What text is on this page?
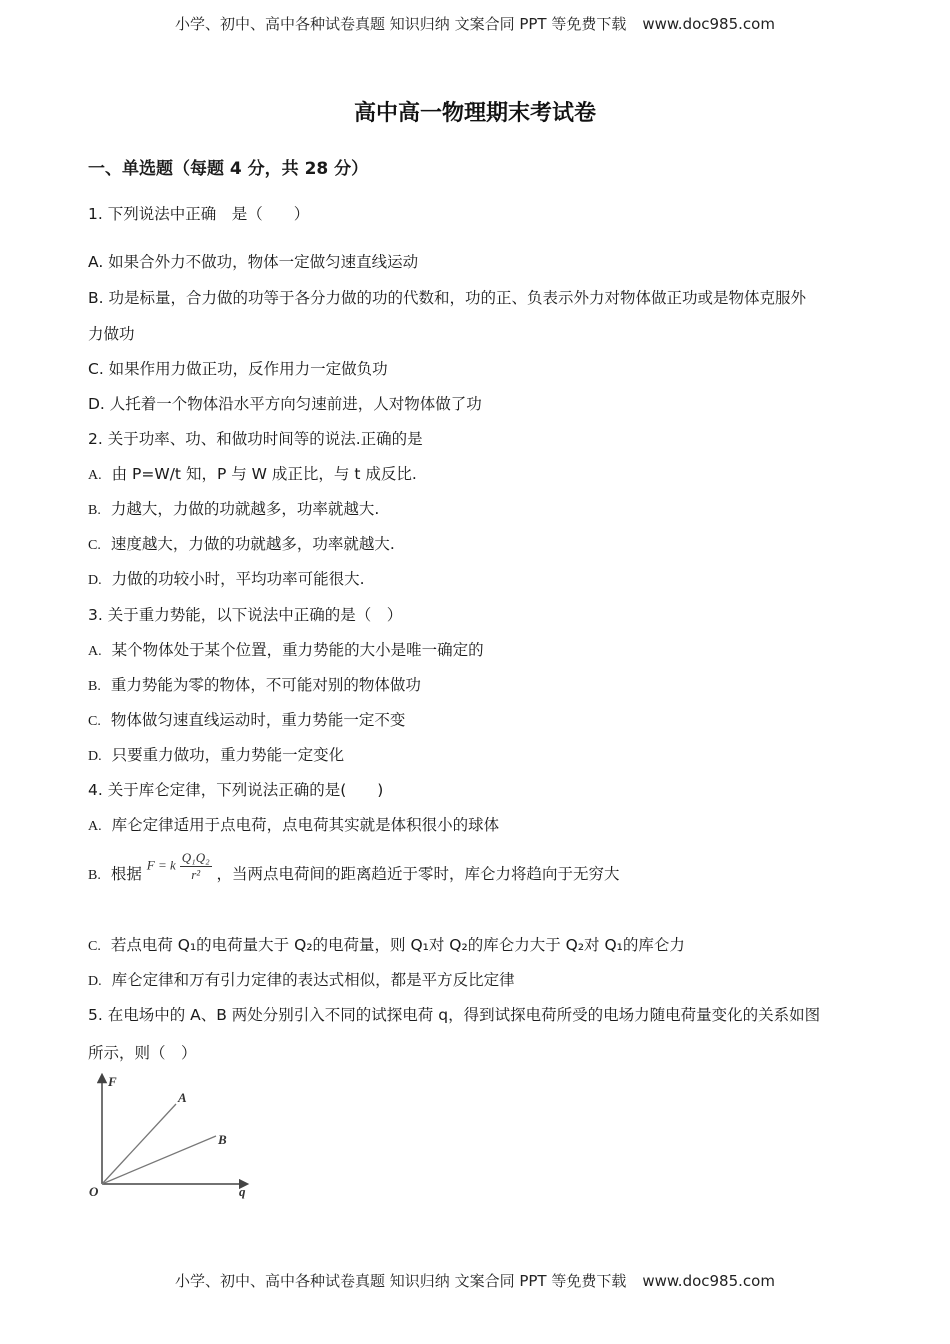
小学、初中、高中各种试卷真题 知识归纳 文案合同 PPT 等免费下载 www.doc985.com
高中高一物理期末考试卷
一、单选题（每题 4 分，共 28 分）
1. 下列说法中正确　是（　　）
A. 如果合外力不做功，物体一定做匀速直线运动
B. 功是标量，合力做的功等于各分力做的功的代数和，功的正、负表示外力对物体做正功或是物体克服外
力做功
C. 如果作用力做正功，反作用力一定做负功
D. 人托着一个物体沿水平方向匀速前进，人对物体做了功
2. 关于功率、功、和做功时间等的说法.正确的是
A. 由 P=W/t 知，P 与 W 成正比，与 t 成反比.
B. 力越大，力做的功就越多，功率就越大.
C. 速度越大，力做的功就越多，功率就越大.
D. 力做的功较小时，平均功率可能很大.
3. 关于重力势能，以下说法中正确的是（　）
A. 某个物体处于某个位置，重力势能的大小是唯一确定的
B. 重力势能为零的物体，不可能对别的物体做功
C. 物体做匀速直线运动时，重力势能一定不变
D. 只要重力做功，重力势能一定变化
4. 关于库仑定律，下列说法正确的是(　　)
A. 库仑定律适用于点电荷，点电荷其实就是体积很小的球体
B. 根据 F = k $\frac{\text{Q₁Q₂}}{\text{r²}}$ ，当两点电荷间的距离趋近于零时，库仑力将趋向于无穷大
C. 若点电荷 Q₁的电荷量大于 Q₂的电荷量，则 Q₁对 Q₂的库仑力大于 Q₂对 Q₁的库仑力
D. 库仑定律和万有引力定律的表达式相似，都是平方反比定律
5. 在电场中的 A、B 两处分别引入不同的试探电荷 q，得到试探电荷所受的电场力随电荷量变化的关系如图
所示，则（　）
F
q
O
A
B
小学、初中、高中各种试卷真题 知识归纳 文案合同 PPT 等免费下载 www.doc985.com
